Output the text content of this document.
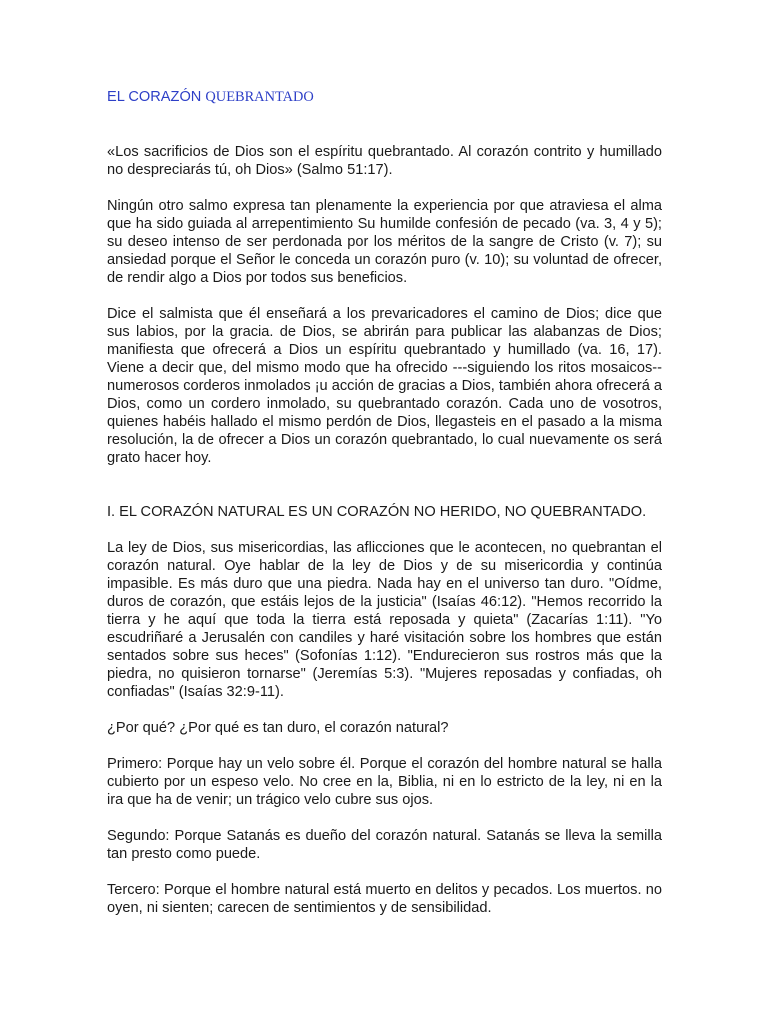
EL CORAZÓN QUEBRANTADO

«Los sacrificios de Dios son el espíritu quebrantado. Al corazón contrito y humillado no despreciarás tú, oh Dios» (Salmo 51:17).

Ningún otro salmo expresa tan plenamente la experiencia por que atraviesa el alma que ha sido guiada al arrepentimiento Su humilde confesión de pecado (va. 3, 4 y 5); su deseo intenso de ser perdonada por los méritos de la sangre de Cristo (v. 7); su ansiedad porque el Señor le conceda un corazón puro (v. 10); su voluntad de ofrecer, de rendir algo a Dios por todos sus beneficios.

Dice el salmista que él enseñará a los prevaricadores el camino de Dios; dice que sus labios, por la gracia. de Dios, se abrirán para publicar las alabanzas de Dios; manifiesta que ofrecerá a Dios un espíritu quebrantado y humillado (va. 16, 17). Viene a decir que, del mismo modo que ha ofrecido ---siguiendo los ritos mosaicos-- numerosos corderos inmolados ¡u acción de gracias a Dios, también ahora ofrecerá a Dios, como un cordero inmolado, su quebrantado corazón. Cada uno de vosotros, quienes habéis hallado el mismo perdón de Dios, llegasteis en el pasado a la misma resolución, la de ofrecer a Dios un corazón quebrantado, lo cual nuevamente os será grato hacer hoy.

I. EL CORAZÓN NATURAL ES UN CORAZÓN NO HERIDO, NO QUEBRANTADO.

La ley de Dios, sus misericordias, las aflicciones que le acontecen, no quebrantan el corazón natural. Oye hablar de la ley de Dios y de su misericordia y continúa impasible. Es más duro que una piedra. Nada hay en el universo tan duro. "Oídme, duros de corazón, que estáis lejos de la justicia" (Isaías 46:12). "Hemos recorrido la tierra y he aquí que toda la tierra está reposada y quieta" (Zacarías 1:11). "Yo escudriñaré a Jerusalén con candiles y haré visitación sobre los hombres que están sentados sobre sus heces" (Sofonías 1:12). "Endurecieron sus rostros más que la piedra, no quisieron tornarse" (Jeremías 5:3). "Mujeres reposadas y confiadas, oh confiadas" (Isaías 32:9-11).

¿Por qué? ¿Por qué es tan duro, el corazón natural?

Primero: Porque hay un velo sobre él. Porque el corazón del hombre natural se halla cubierto por un espeso velo. No cree en la, Biblia, ni en lo estricto de la ley, ni en la ira que ha de venir; un trágico velo cubre sus ojos.

Segundo: Porque Satanás es dueño del corazón natural. Satanás se lleva la semilla tan presto como puede.

Tercero: Porque el hombre natural está muerto en delitos y pecados. Los muertos. no oyen, ni sienten; carecen de sentimientos y de sensibilidad.
